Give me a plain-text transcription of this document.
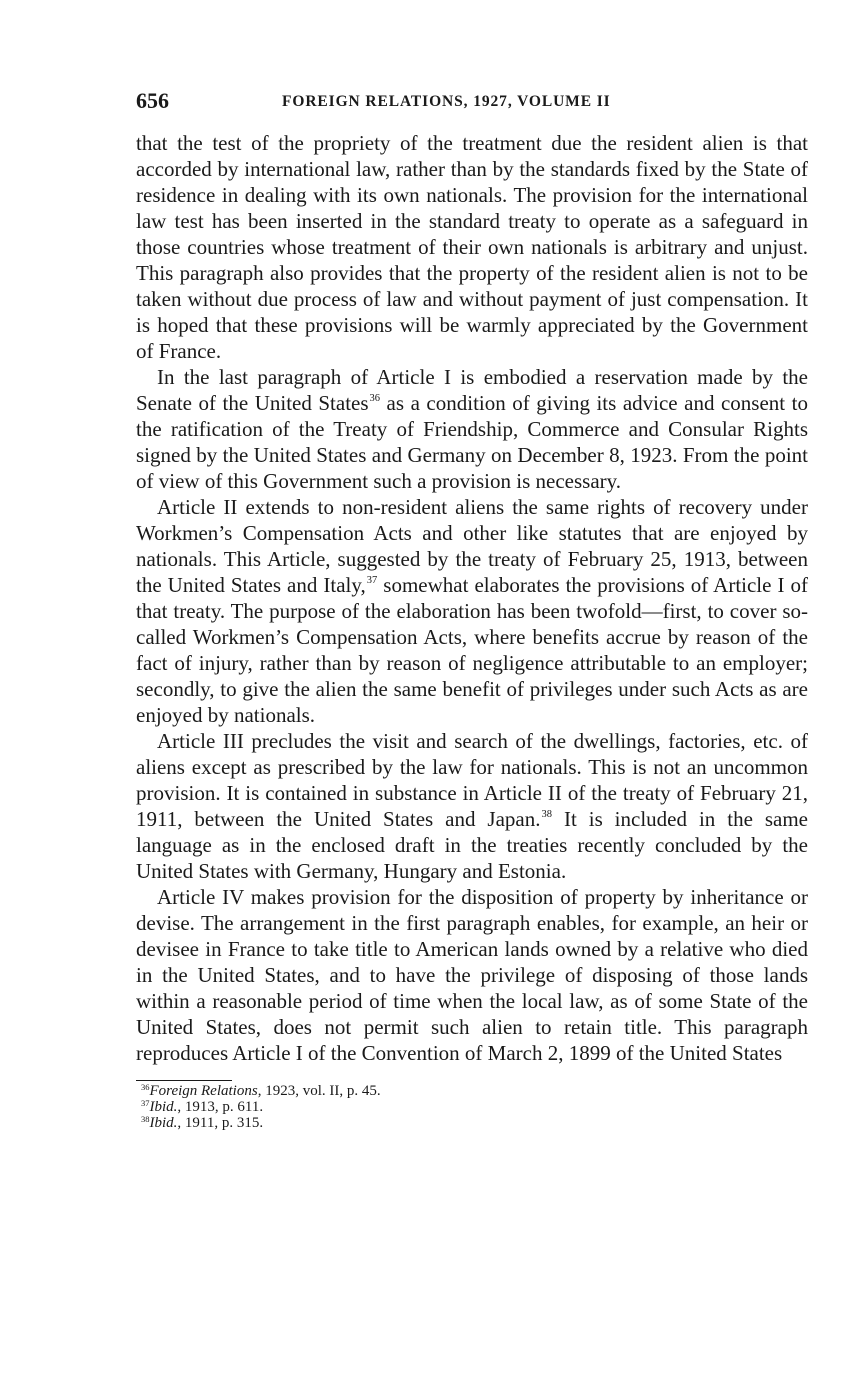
656	FOREIGN RELATIONS, 1927, VOLUME II

that the test of the propriety of the treatment due the resident alien is that accorded by international law, rather than by the standards fixed by the State of residence in dealing with its own nationals. The provision for the international law test has been inserted in the standard treaty to operate as a safeguard in those countries whose treatment of their own nationals is arbitrary and unjust. This paragraph also provides that the property of the resident alien is not to be taken without due process of law and without payment of just compensation. It is hoped that these provisions will be warmly appreciated by the Government of France.

In the last paragraph of Article I is embodied a reservation made by the Senate of the United States$^{36}$ as a condition of giving its advice and consent to the ratification of the Treaty of Friendship, Commerce and Consular Rights signed by the United States and Germany on December 8, 1923. From the point of view of this Government such a provision is necessary.

Article II extends to non-resident aliens the same rights of recovery under Workmen’s Compensation Acts and other like statutes that are enjoyed by nationals. This Article, suggested by the treaty of February 25, 1913, between the United States and Italy,$^{37}$ somewhat elaborates the provisions of Article I of that treaty. The purpose of the elaboration has been twofold—first, to cover so-called Workmen’s Compensation Acts, where benefits accrue by reason of the fact of injury, rather than by reason of negligence attributable to an employer; secondly, to give the alien the same benefit of privileges under such Acts as are enjoyed by nationals.

Article III precludes the visit and search of the dwellings, factories, etc. of aliens except as prescribed by the law for nationals. This is not an uncommon provision. It is contained in substance in Article II of the treaty of February 21, 1911, between the United States and Japan.$^{38}$ It is included in the same language as in the enclosed draft in the treaties recently concluded by the United States with Germany, Hungary and Estonia.

Article IV makes provision for the disposition of property by inheritance or devise. The arrangement in the first paragraph enables, for example, an heir or devisee in France to take title to American lands owned by a relative who died in the United States, and to have the privilege of disposing of those lands within a reasonable period of time when the local law, as of some State of the United States, does not permit such alien to retain title. This paragraph reproduces Article I of the Convention of March 2, 1899 of the United States

$^{36}$Foreign Relations, 1923, vol. II, p. 45.
$^{37}$Ibid., 1913, p. 611.
$^{38}$Ibid., 1911, p. 315.
